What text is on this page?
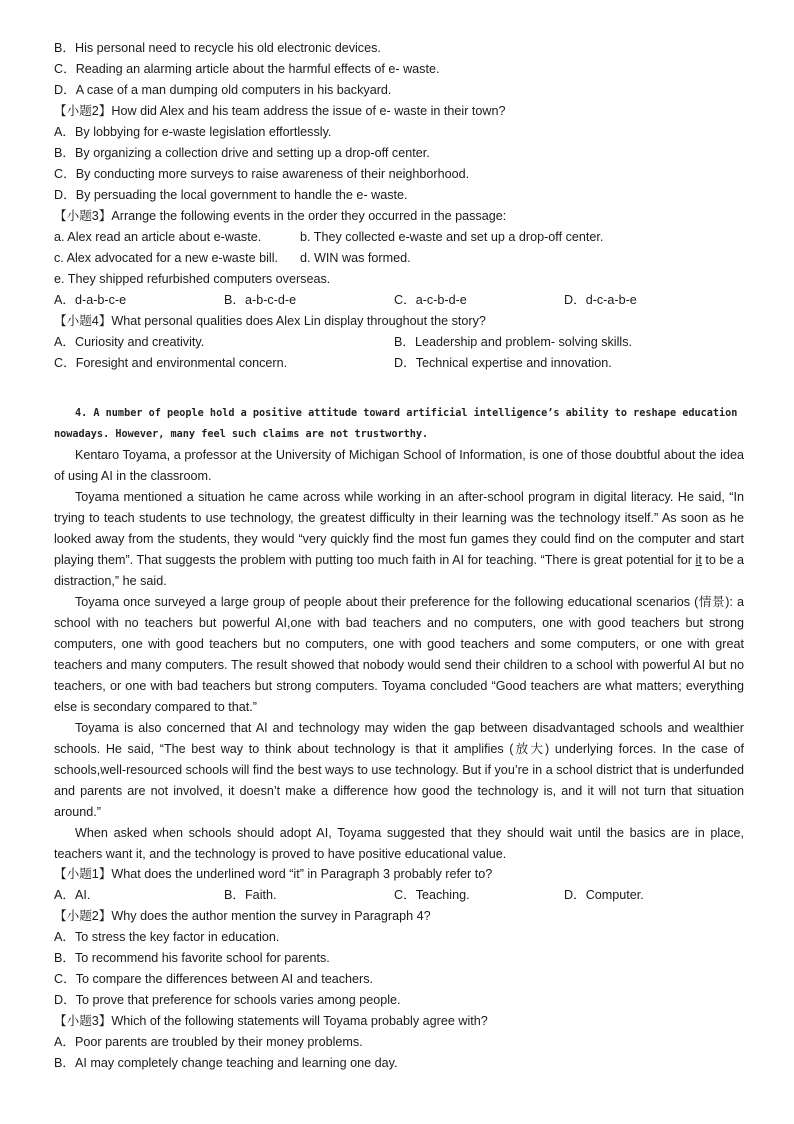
B．His personal need to recycle his old electronic devices.
C．Reading an alarming article about the harmful effects of e- waste.
D．A case of a man dumping old computers in his backyard.
【小题2】How did Alex and his team address the issue of e- waste in their town?
A．By lobbying for e-waste legislation effortlessly.
B．By organizing a collection drive and setting up a drop-off center.
C．By conducting more surveys to raise awareness of their neighborhood.
D．By persuading the local government to handle the e- waste.
【小题3】Arrange the following events in the order they occurred in the passage:
a. Alex read an article about e-waste.	b. They collected e-waste and set up a drop-off center.
c. Alex advocated for a new e-waste bill. d. WIN was formed.
e. They shipped refurbished computers overseas.
A．d-a-b-c-e	B．a-b-c-d-e	C．a-c-b-d-e	D．d-c-a-b-e
【小题4】What personal qualities does Alex Lin display throughout the story?
A．Curiosity and creativity.	B．Leadership and problem- solving skills.
C．Foresight and environmental concern.	D．Technical expertise and innovation.
4. A number of people hold a positive attitude toward artificial intelligence’s ability to reshape education
nowadays. However, many feel such claims are not trustworthy.

Kentaro Toyama, a professor at the University of Michigan School of Information, is one of those doubtful about the idea of using AI in the classroom.

Toyama mentioned a situation he came across while working in an after-school program in digital literacy. He said, “In trying to teach students to use technology, the greatest difficulty in their learning was the technology itself.” As soon as he looked away from the students, they would “very quickly find the most fun games they could find on the computer and start playing them”. That suggests the problem with putting too much faith in AI for teaching. “There is great potential for it to be a distraction,” he said.

Toyama once surveyed a large group of people about their preference for the following educational scenarios (情景): a school with no teachers but powerful AI,one with bad teachers and no computers, one with good teachers but strong computers, one with good teachers but no computers, one with good teachers and some computers, or one with great teachers and many computers. The result showed that nobody would send their children to a school with powerful AI but no teachers, or one with bad teachers but strong computers. Toyama concluded “Good teachers are what matters; everything else is secondary compared to that.”

Toyama is also concerned that AI and technology may widen the gap between disadvantaged schools and wealthier schools. He said, “The best way to think about technology is that it amplifies (放大) underlying forces. In the case of schools,well-resourced schools will find the best ways to use technology. But if you’re in a school district that is underfunded and parents are not involved, it doesn’t make a difference how good the technology is, and it will not turn that situation around.”

When asked when schools should adopt AI, Toyama suggested that they should wait until the basics are in place, teachers want it, and the technology is proved to have positive educational value.

【小题1】What does the underlined word “it” in Paragraph 3 probably refer to?
A．AI.	B．Faith.	C．Teaching.	D．Computer.
【小题2】Why does the author mention the survey in Paragraph 4?
A．To stress the key factor in education.
B．To recommend his favorite school for parents.
C．To compare the differences between AI and teachers.
D．To prove that preference for schools varies among people.
【小题3】Which of the following statements will Toyama probably agree with?
A．Poor parents are troubled by their money problems.
B．AI may completely change teaching and learning one day.
